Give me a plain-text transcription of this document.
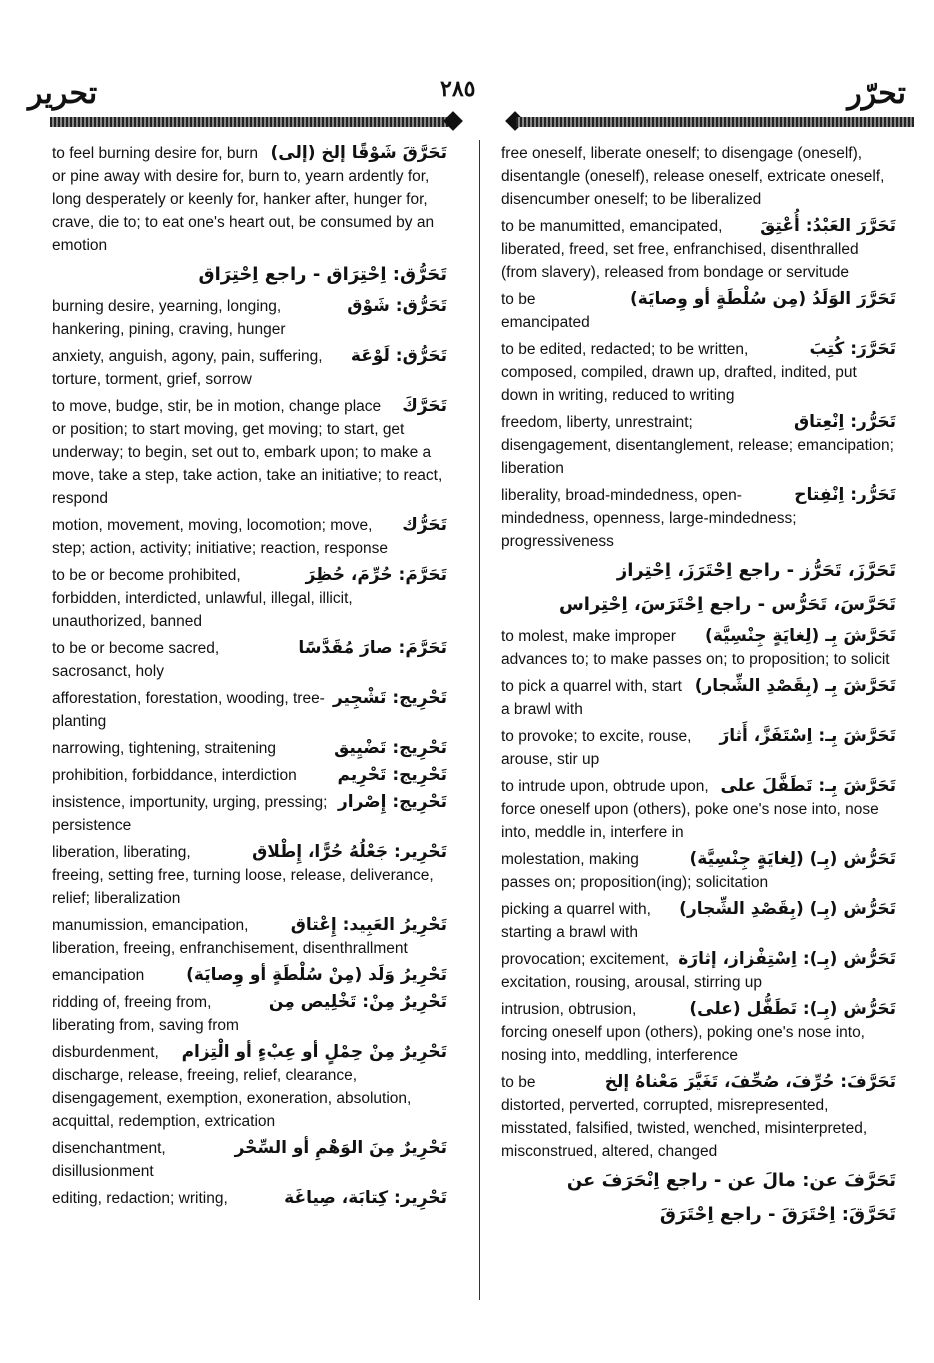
تحرير	٢٨٥	تحرّر
تَحَرَّقَ شَوْقًا إلخ (إلى)
to feel burning desire for, burn or pine away with desire for, burn to, yearn ardently for, long desperately or keenly for, hanker after, hunger for, crave, die to; to eat one's heart out, be consumed by an emotion
تَحَرُّق: اِحْتِرَاق - راجع اِحْتِرَاق
تَحَرُّق: شَوْق
burning desire, yearning, longing, hankering, pining, craving, hunger
تَحَرُّق: لَوْعَة
anxiety, anguish, agony, pain, suffering, torture, torment, grief, sorrow
تَحَرَّكَ
to move, budge, stir, be in motion, change place or position; to start moving, get moving; to start, get underway; to begin, set out to, embark upon; to make a move, take a step, take action, take an initiative; to react, respond
تَحَرُّك
motion, movement, moving, locomotion; move, step; action, activity; initiative; reaction, response
تَحَرَّمَ: حُرِّمَ، حُظِرَ
to be or become prohibited, forbidden, interdicted, unlawful, illegal, illicit, unauthorized, banned
تَحَرَّمَ: صارَ مُقَدَّسًا
to be or become sacred, sacrosanct, holy
تَحْرِيج: تَشْجِير
afforestation, forestation, wooding, tree-planting
تَحْرِيج: تَضْيِيق
narrowing, tightening, straitening
تَحْرِيج: تَحْرِيم
prohibition, forbiddance, interdiction
تَحْرِيج: إِصْرار
insistence, importunity, urging, pressing; persistence
تَحْرِير: جَعْلُهُ حُرًّا، إِطْلاق
liberation, liberating, freeing, setting free, turning loose, release, deliverance, relief; liberalization
تَحْرِيرُ العَبِيد: إِعْتاق
manumission, emancipation, liberation, freeing, enfranchisement, disenthrallment
تَحْرِيرُ وَلَد (مِنْ سُلْطَةٍ أو وِصايَة)
emancipation
تَحْرِيرٌ مِنْ: تَخْلِيص مِن
ridding of, freeing from, liberating from, saving from
تَحْرِيرٌ مِنْ حِمْلٍ أو عِبْءٍ أو الْتِزام
disburdenment, discharge, release, freeing, relief, clearance, disengagement, exemption, exoneration, absolution, acquittal, redemption, extrication
تَحْرِيرٌ مِنَ الوَهْمِ أو السِّحْر
disenchantment, disillusionment
تَحْرِير: كِتابَة، صِياغَة
editing, redaction; writing,
free oneself, liberate oneself; to disengage (oneself), disentangle (oneself), release oneself, extricate oneself, disencumber oneself; to be liberalized
تَحَرَّرَ العَبْدُ: أُعْتِقَ
to be manumitted, emancipated, liberated, freed, set free, enfranchised, disenthralled (from slavery), released from bondage or servitude
تَحَرَّرَ الوَلَدُ (مِن سُلْطَةٍ أو وِصايَة)
to be emancipated
تَحَرَّرَ: كُتِبَ
to be edited, redacted; to be written, composed, compiled, drawn up, drafted, indited, put down in writing, reduced to writing
تَحَرُّر: اِنْعِتاق
freedom, liberty, unrestraint; disengagement, disentanglement, release; emancipation; liberation
تَحَرُّر: اِنْفِتاح
liberality, broad-mindedness, open-mindedness, openness, large-mindedness; progressiveness
تَحَرَّزَ، تَحَرُّز - راجع اِحْتَرَزَ، اِحْتِراز
تَحَرَّسَ، تَحَرُّس - راجع اِحْتَرَسَ، اِحْتِراس
تَحَرَّشَ بِـ (لِغايَةٍ جِنْسِيَّة)
to molest, make improper advances to; to make passes on; to proposition; to solicit
تَحَرَّشَ بِـ (بِقَصْدِ الشِّجار)
to pick a quarrel with, start a brawl with
تَحَرَّشَ بِـ: اِسْتَفَزَّ، أَثارَ
to provoke; to excite, rouse, arouse, stir up
تَحَرَّشَ بِـ: تَطَفَّلَ على
to intrude upon, obtrude upon, force oneself upon (others), poke one's nose into, nose into, meddle in, interfere in
تَحَرُّش (بِـ) (لِغايَةٍ جِنْسِيَّة)
molestation, making passes on; proposition(ing); solicitation
تَحَرُّش (بِـ) (بِقَصْدِ الشِّجار)
picking a quarrel with, starting a brawl with
تَحَرُّش (بِـ): اِسْتِفْزاز، إثارَة
provocation; excitement, excitation, rousing, arousal, stirring up
تَحَرُّش (بِـ): تَطَفُّل (على)
intrusion, obtrusion, forcing oneself upon (others), poking one's nose into, nosing into, meddling, interference
تَحَرَّفَ: حُرِّفَ، صُحِّفَ، تَغَيَّرَ مَعْناهُ إلخ
to be distorted, perverted, corrupted, misrepresented, misstated, falsified, twisted, wenched, misinterpreted, misconstrued, altered, changed
تَحَرَّفَ عن: مالَ عن - راجع اِنْحَرَفَ عن
تَحَرَّقَ: اِحْتَرَقَ - راجع اِحْتَرَقَ
